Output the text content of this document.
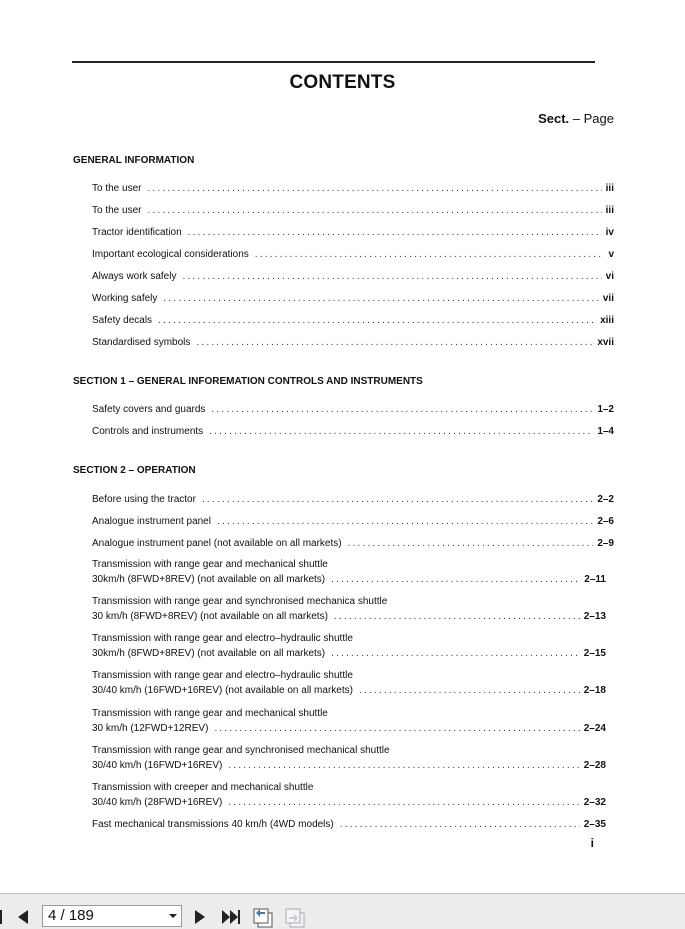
CONTENTS
Sect. – Page
GENERAL INFORMATION
To the user .....	iii
To the user .....	iii
Tractor identification .....	iv
Important ecological considerations .....	v
Always work safely .....	vi
Working safely .....	vii
Safety decals .....	xiii
Standardised symbols .....	xvii
SECTION 1 – GENERAL INFOREMATION CONTROLS AND INSTRUMENTS
Safety covers and guards .....	1–2
Controls and instruments .....	1–4
SECTION 2 – OPERATION
Before using the tractor .....	2–2
Analogue instrument panel .....	2–6
Analogue instrument panel (not available on all markets) .....	2–9
Transmission with range gear and mechanical shuttle
30km/h (8FWD+8REV) (not available on all markets) .....	2–11
Transmission with range gear and synchronised mechanica shuttle
30 km/h (8FWD+8REV) (not available on all markets) .....	2–13
Transmission with range gear and electro–hydraulic shuttle
30km/h (8FWD+8REV) (not available on all markets) .....	2–15
Transmission with range gear and electro–hydraulic shuttle
30/40 km/h (16FWD+16REV) (not available on all markets) .....	2–18
Transmission with range gear and mechanical shuttle
30 km/h (12FWD+12REV) .....	2–24
Transmission with range gear and synchronised mechanical shuttle
30/40 km/h (16FWD+16REV) .....	2–28
Transmission with creeper and mechanical shuttle
30/40 km/h (28FWD+16REV) .....	2–32
Fast mechanical transmissions 40 km/h (4WD models) .....	2–35
i
4 / 189
